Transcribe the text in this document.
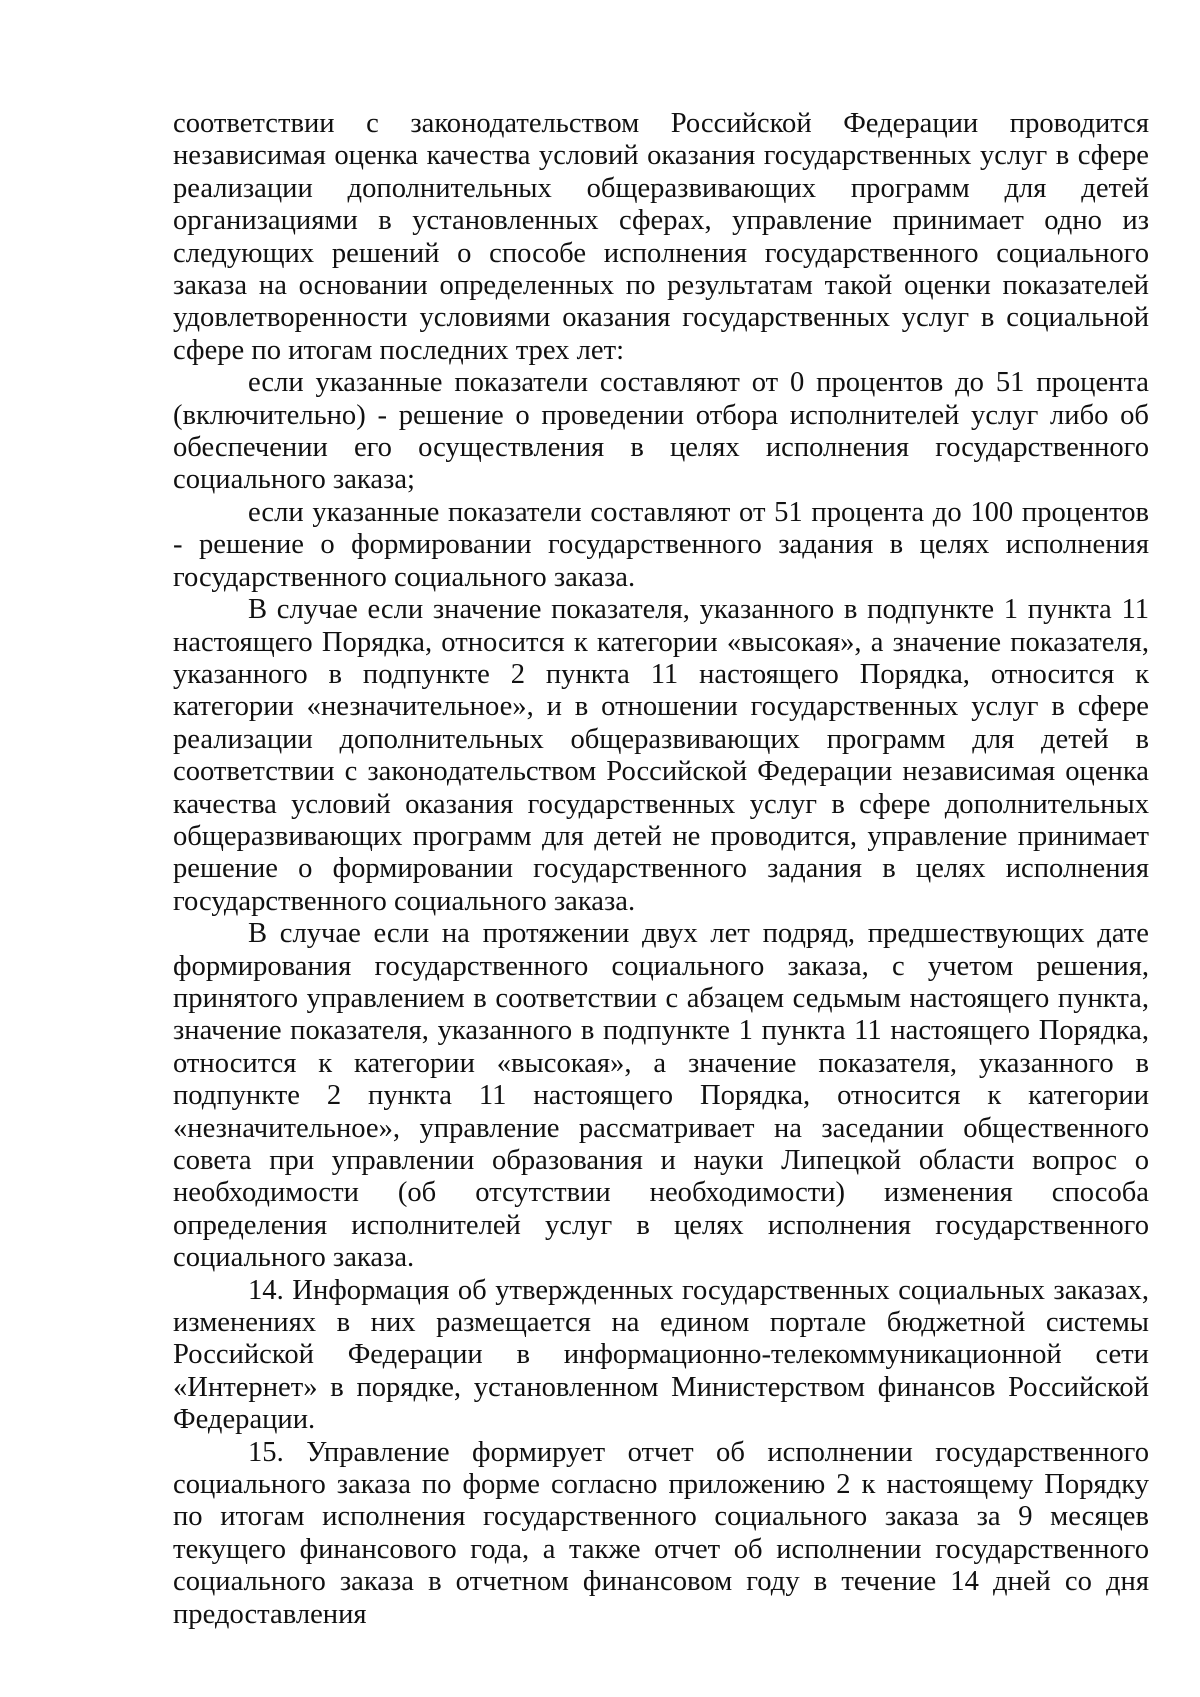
соответствии с законодательством Российской Федерации проводится независимая оценка качества условий оказания государственных услуг в сфере реализации дополнительных общеразвивающих программ для детей организациями в установленных сферах, управление принимает одно из следующих решений о способе исполнения государственного социального заказа на основании определенных по результатам такой оценки показателей удовлетворенности условиями оказания государственных услуг в социальной сфере по итогам последних трех лет:

если указанные показатели составляют от 0 процентов до 51 процента (включительно) - решение о проведении отбора исполнителей услуг либо об обеспечении его осуществления в целях исполнения государственного социального заказа;

если указанные показатели составляют от 51 процента до 100 процентов - решение о формировании государственного задания в целях исполнения государственного социального заказа.

В случае если значение показателя, указанного в подпункте 1 пункта 11 настоящего Порядка, относится к категории «высокая», а значение показателя, указанного в подпункте 2 пункта 11 настоящего Порядка, относится к категории «незначительное», и в отношении государственных услуг в сфере реализации дополнительных общеразвивающих программ для детей в соответствии с законодательством Российской Федерации независимая оценка качества условий оказания государственных услуг в сфере дополнительных общеразвивающих программ для детей не проводится, управление принимает решение о формировании государственного задания в целях исполнения государственного социального заказа.

В случае если на протяжении двух лет подряд, предшествующих дате формирования государственного социального заказа, с учетом решения, принятого управлением в соответствии с абзацем седьмым настоящего пункта, значение показателя, указанного в подпункте 1 пункта 11 настоящего Порядка, относится к категории «высокая», а значение показателя, указанного в подпункте 2 пункта 11 настоящего Порядка, относится к категории «незначительное», управление рассматривает на заседании общественного совета при управлении образования и науки Липецкой области вопрос о необходимости (об отсутствии необходимости) изменения способа определения исполнителей услуг в целях исполнения государственного социального заказа.

14. Информация об утвержденных государственных социальных заказах, изменениях в них размещается на едином портале бюджетной системы Российской Федерации в информационно-телекоммуникационной сети «Интернет» в порядке, установленном Министерством финансов Российской Федерации.

15. Управление формирует отчет об исполнении государственного социального заказа по форме согласно приложению 2 к настоящему Порядку по итогам исполнения государственного социального заказа за 9 месяцев текущего финансового года, а также отчет об исполнении государственного социального заказа в отчетном финансовом году в течение 14 дней со дня предоставления
